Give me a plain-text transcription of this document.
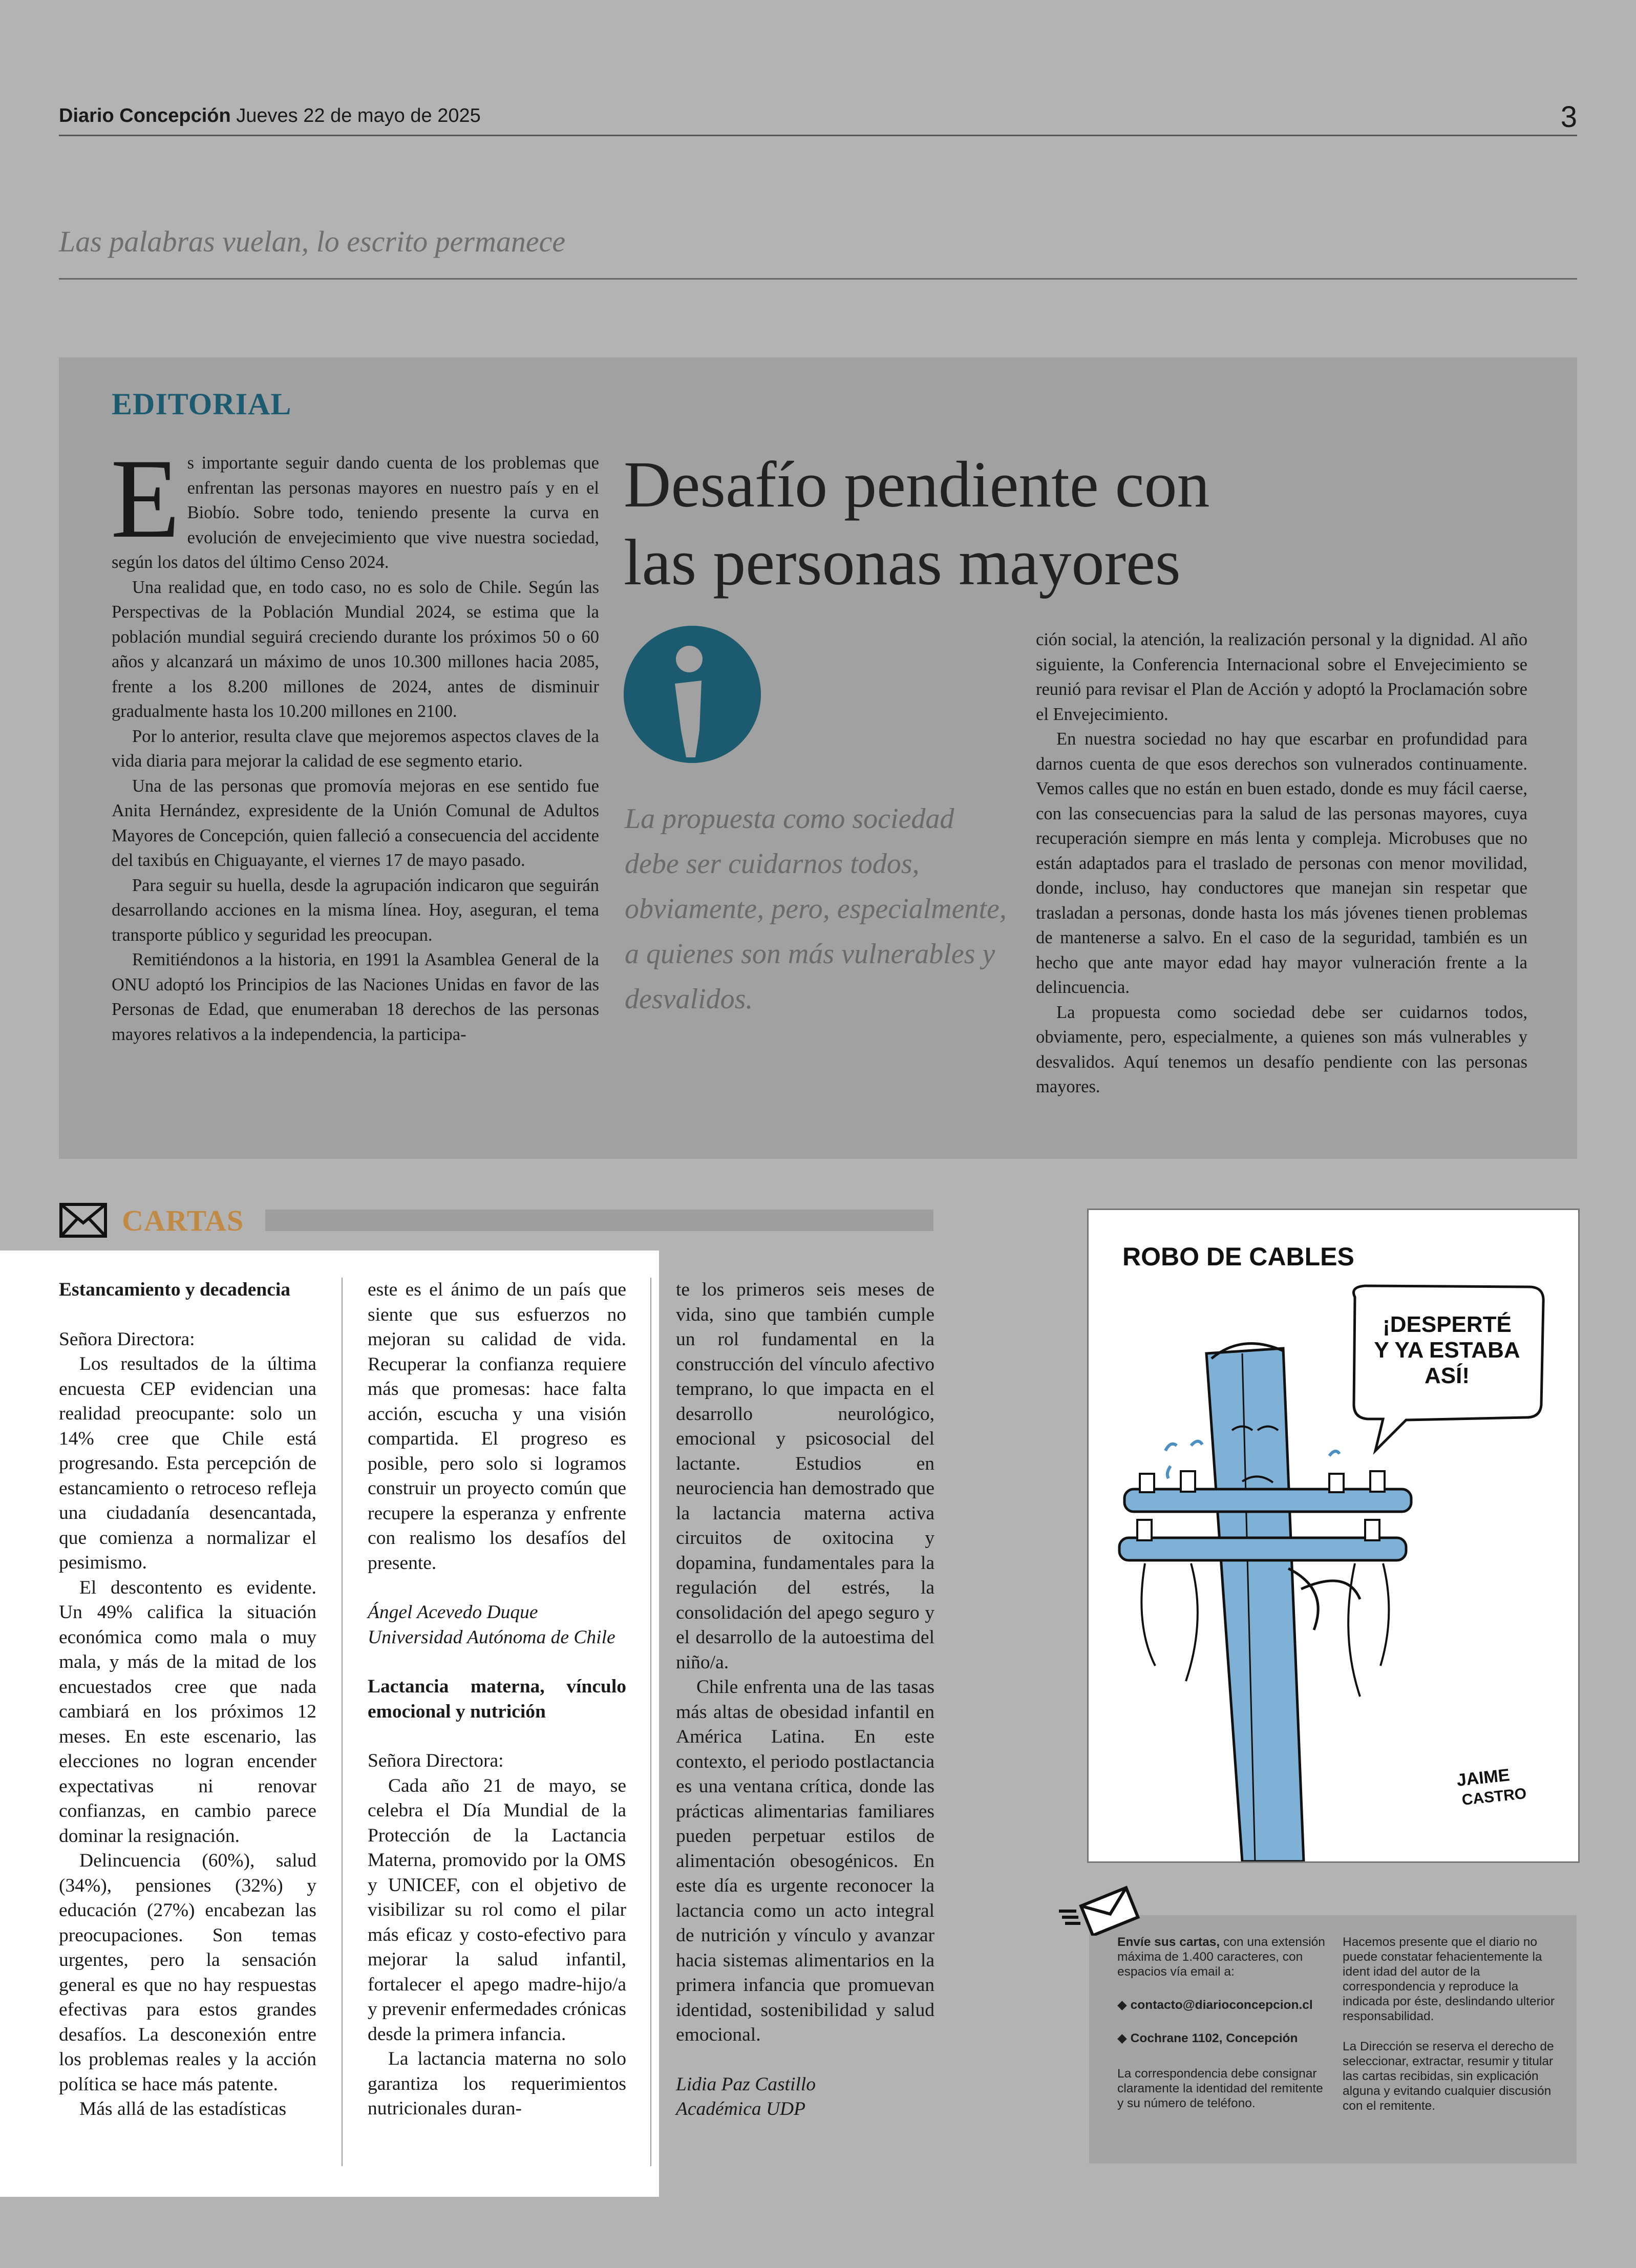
Diario Concepción Jueves 22 de mayo de 2025	3
Las palabras vuelan, lo escrito permanece
EDITORIAL

Es importante seguir dando cuenta de los problemas que enfrentan las personas mayores en nuestro país y en el Biobío. Sobre todo, teniendo presente la curva en evolución de envejecimiento que vive nuestra sociedad, según los datos del último Censo 2024.

Una realidad que, en todo caso, no es solo de Chile. Según las Perspectivas de la Población Mundial 2024, se estima que la población mundial seguirá creciendo durante los próximos 50 o 60 años y alcanzará un máximo de unos 10.300 millones hacia 2085, frente a los 8.200 millones de 2024, antes de disminuir gradualmente hasta los 10.200 millones en 2100.

Por lo anterior, resulta clave que mejoremos aspectos claves de la vida diaria para mejorar la calidad de ese segmento etario.

Una de las personas que promovía mejoras en ese sentido fue Anita Hernández, expresidente de la Unión Comunal de Adultos Mayores de Concepción, quien falleció a consecuencia del accidente del taxibús en Chiguayante, el viernes 17 de mayo pasado.

Para seguir su huella, desde la agrupación indicaron que seguirán desarrollando acciones en la misma línea. Hoy, aseguran, el tema transporte público y seguridad les preocupan.

Remitiéndonos a la historia, en 1991 la Asamblea General de la ONU adoptó los Principios de las Naciones Unidas en favor de las Personas de Edad, que enumeraban 18 derechos de las personas mayores relativos a la independencia, la participa-

Desafío pendiente con las personas mayores
La propuesta como sociedad debe ser cuidarnos todos, obviamente, pero, especialmente, a quienes son más vulnerables y desvalidos.

ción social, la atención, la realización personal y la dignidad. Al año siguiente, la Conferencia Internacional sobre el Envejecimiento se reunió para revisar el Plan de Acción y adoptó la Proclamación sobre el Envejecimiento.

En nuestra sociedad no hay que escarbar en profundidad para darnos cuenta de que esos derechos son vulnerados continuamente. Vemos calles que no están en buen estado, donde es muy fácil caerse, con las consecuencias para la salud de las personas mayores, cuya recuperación siempre en más lenta y compleja. Microbuses que no están adaptados para el traslado de personas con menor movilidad, donde, incluso, hay conductores que manejan sin respetar que trasladan a personas, donde hasta los más jóvenes tienen problemas de mantenerse a salvo. En el caso de la seguridad, también es un hecho que ante mayor edad hay mayor vulneración frente a la delincuencia.

La propuesta como sociedad debe ser cuidarnos todos, obviamente, pero, especialmente, a quienes son más vulnerables y desvalidos. Aquí tenemos un desafío pendiente con las personas mayores.

CARTAS

Estancamiento y decadencia

Señora Directora:

Los resultados de la última encuesta CEP evidencian una realidad preocupante: solo un 14% cree que Chile está progresando. Esta percepción de estancamiento o retroceso refleja una ciudadanía desencantada, que comienza a normalizar el pesimismo.

El descontento es evidente. Un 49% califica la situación económica como mala o muy mala, y más de la mitad de los encuestados cree que nada cambiará en los próximos 12 meses. En este escenario, las elecciones no logran encender expectativas ni renovar confianzas, en cambio parece dominar la resignación.

Delincuencia (60%), salud (34%), pensiones (32%) y educación (27%) encabezan las preocupaciones. Son temas urgentes, pero la sensación general es que no hay respuestas efectivas para estos grandes desafíos. La desconexión entre los problemas reales y la acción política se hace más patente.

Más allá de las estadísticas

este es el ánimo de un país que siente que sus esfuerzos no mejoran su calidad de vida. Recuperar la confianza requiere más que promesas: hace falta acción, escucha y una visión compartida. El progreso es posible, pero solo si logramos construir un proyecto común que recupere la esperanza y enfrente con realismo los desafíos del presente.

Ángel Acevedo Duque

Universidad Autónoma de Chile

Lactancia materna, vínculo emocional y nutrición

Señora Directora:

Cada año 21 de mayo, se celebra el Día Mundial de la Protección de la Lactancia Materna, promovido por la OMS y UNICEF, con el objetivo de visibilizar su rol como el pilar más eficaz y costo-efectivo para mejorar la salud infantil, fortalecer el apego madre-hijo/a y prevenir enfermedades crónicas desde la primera infancia.

La lactancia materna no solo garantiza los requerimientos nutricionales duran-

te los primeros seis meses de vida, sino que también cumple un rol fundamental en la construcción del vínculo afectivo temprano, lo que impacta en el desarrollo neurológico, emocional y psicosocial del lactante. Estudios en neurociencia han demostrado que la lactancia materna activa circuitos de oxitocina y dopamina, fundamentales para la regulación del estrés, la consolidación del apego seguro y el desarrollo de la autoestima del niño/a.

Chile enfrenta una de las tasas más altas de obesidad infantil en América Latina. En este contexto, el periodo postlactancia es una ventana crítica, donde las prácticas alimentarias familiares pueden perpetuar estilos de alimentación obesogénicos. En este día es urgente reconocer la lactancia como un acto integral de nutrición y vínculo y avanzar hacia sistemas alimentarios en la primera infancia que promuevan identidad, sostenibilidad y salud emocional.

Lidia Paz Castillo

Académica UDP

ROBO DE CABLES
¡DESPERTÉ
Y YA ESTABA
ASÍ!
JAIME
CASTRO

Envíe sus cartas, con una extensión máxima de 1.400 caracteres, con espacios vía email a:

◆ contacto@diarioconcepcion.cl

◆ Cochrane 1102, Concepción

La correspondencia debe consignar claramente la identidad del remitente y su número de teléfono.

Hacemos presente que el diario no puede constatar fehacientemente la ident idad del autor de la correspondencia y reproduce la indicada por éste, deslindando ulterior responsabilidad.

La Dirección se reserva el derecho de seleccionar, extractar, resumir y titular las cartas recibidas, sin explicación alguna y evitando cualquier discusión con el remitente.
